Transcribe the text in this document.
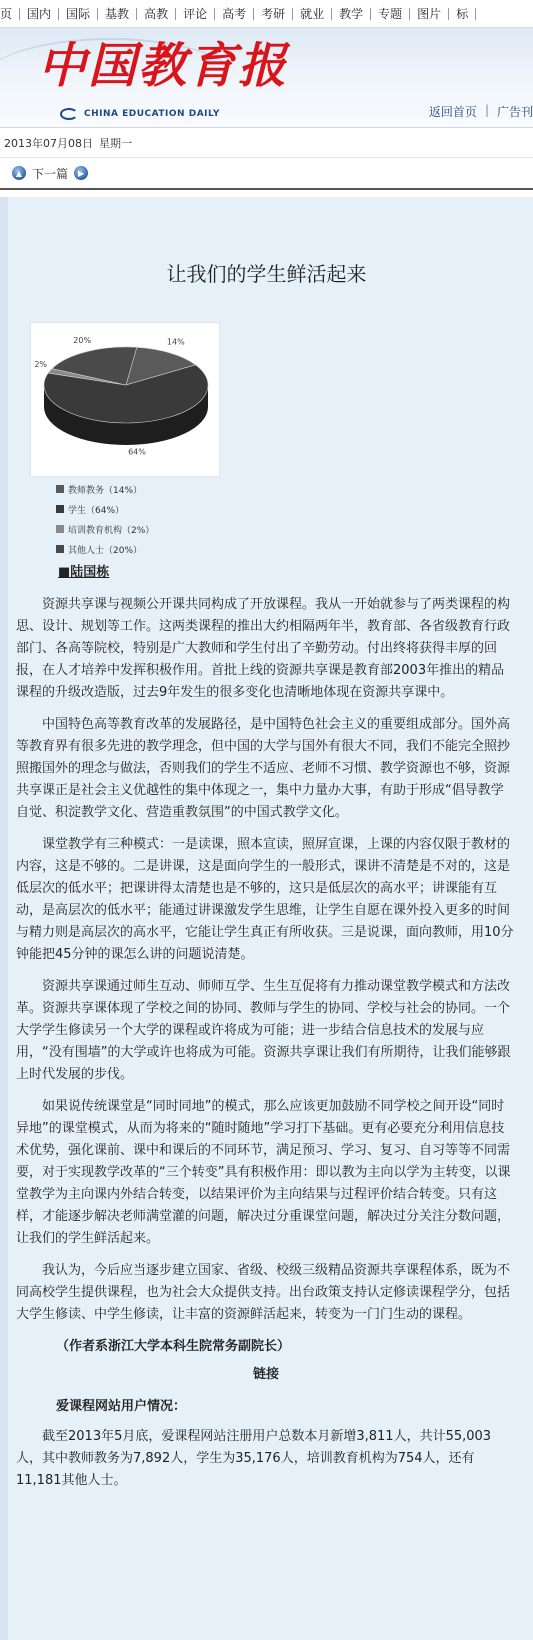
页	国内	国际	基教	高教	评论	高考	考研	就业	教学	专题	图片	标
中国教育报
CHINA EDUCATION DAILY	返回首页 | 广告刊
2013年07月08日 星期一
▲ 下一篇	▶
让我们的学生鲜活起来
14%
64%
2%
20%
教师教务（14%）
学生（64%）
培训教育机构（2%）
其他人士（20%）
■陆国栋

资源共享课与视频公开课共同构成了开放课程。我从一开始就参与了两类课程的构思、设计、规划等工作。这两类课程的推出大约相隔两年半，教育部、各省级教育行政部门、各高等院校，特别是广大教师和学生付出了辛勤劳动。付出终将获得丰厚的回报，在人才培养中发挥积极作用。首批上线的资源共享课是教育部2003年推出的精品课程的升级改造版，过去9年发生的很多变化也清晰地体现在资源共享课中。

中国特色高等教育改革的发展路径，是中国特色社会主义的重要组成部分。国外高等教育界有很多先进的教学理念，但中国的大学与国外有很大不同，我们不能完全照抄照搬国外的理念与做法，否则我们的学生不适应、老师不习惯、教学资源也不够，资源共享课正是社会主义优越性的集中体现之一，集中力量办大事，有助于形成“倡导教学自觉、积淀教学文化、营造重教氛围”的中国式教学文化。

课堂教学有三种模式：一是读课，照本宣读，照屏宣课，上课的内容仅限于教材的内容，这是不够的。二是讲课，这是面向学生的一般形式，课讲不清楚是不对的，这是低层次的低水平；把课讲得太清楚也是不够的，这只是低层次的高水平；讲课能有互动，是高层次的低水平；能通过讲课激发学生思维，让学生自愿在课外投入更多的时间与精力则是高层次的高水平，它能让学生真正有所收获。三是说课，面向教师，用10分钟能把45分钟的课怎么讲的问题说清楚。

资源共享课通过师生互动、师师互学、生生互促将有力推动课堂教学模式和方法改革。资源共享课体现了学校之间的协同、教师与学生的协同、学校与社会的协同。一个大学学生修读另一个大学的课程或许将成为可能；进一步结合信息技术的发展与应用，“没有围墙”的大学或许也将成为可能。资源共享课让我们有所期待，让我们能够跟上时代发展的步伐。

如果说传统课堂是“同时同地”的模式，那么应该更加鼓励不同学校之间开设“同时异地”的课堂模式，从而为将来的“随时随地”学习打下基础。更有必要充分利用信息技术优势，强化课前、课中和课后的不同环节，满足预习、学习、复习、自习等等不同需要，对于实现教学改革的“三个转变”具有积极作用：即以教为主向以学为主转变，以课堂教学为主向课内外结合转变，以结果评价为主向结果与过程评价结合转变。只有这样，才能逐步解决老师满堂灌的问题，解决过分重课堂问题，解决过分关注分数问题，让我们的学生鲜活起来。

我认为，今后应当逐步建立国家、省级、校级三级精品资源共享课程体系，既为不同高校学生提供课程，也为社会大众提供支持。出台政策支持认定修读课程学分，包括大学生修读、中学生修读，让丰富的资源鲜活起来，转变为一门门生动的课程。

（作者系浙江大学本科生院常务副院长）
链接
爱课程网站用户情况：

截至2013年5月底，爱课程网站注册用户总数本月新增3,811人，共计55,003人，其中教师教务为7,892人，学生为35,176人，培训教育机构为754人，还有11,181其他人士。
